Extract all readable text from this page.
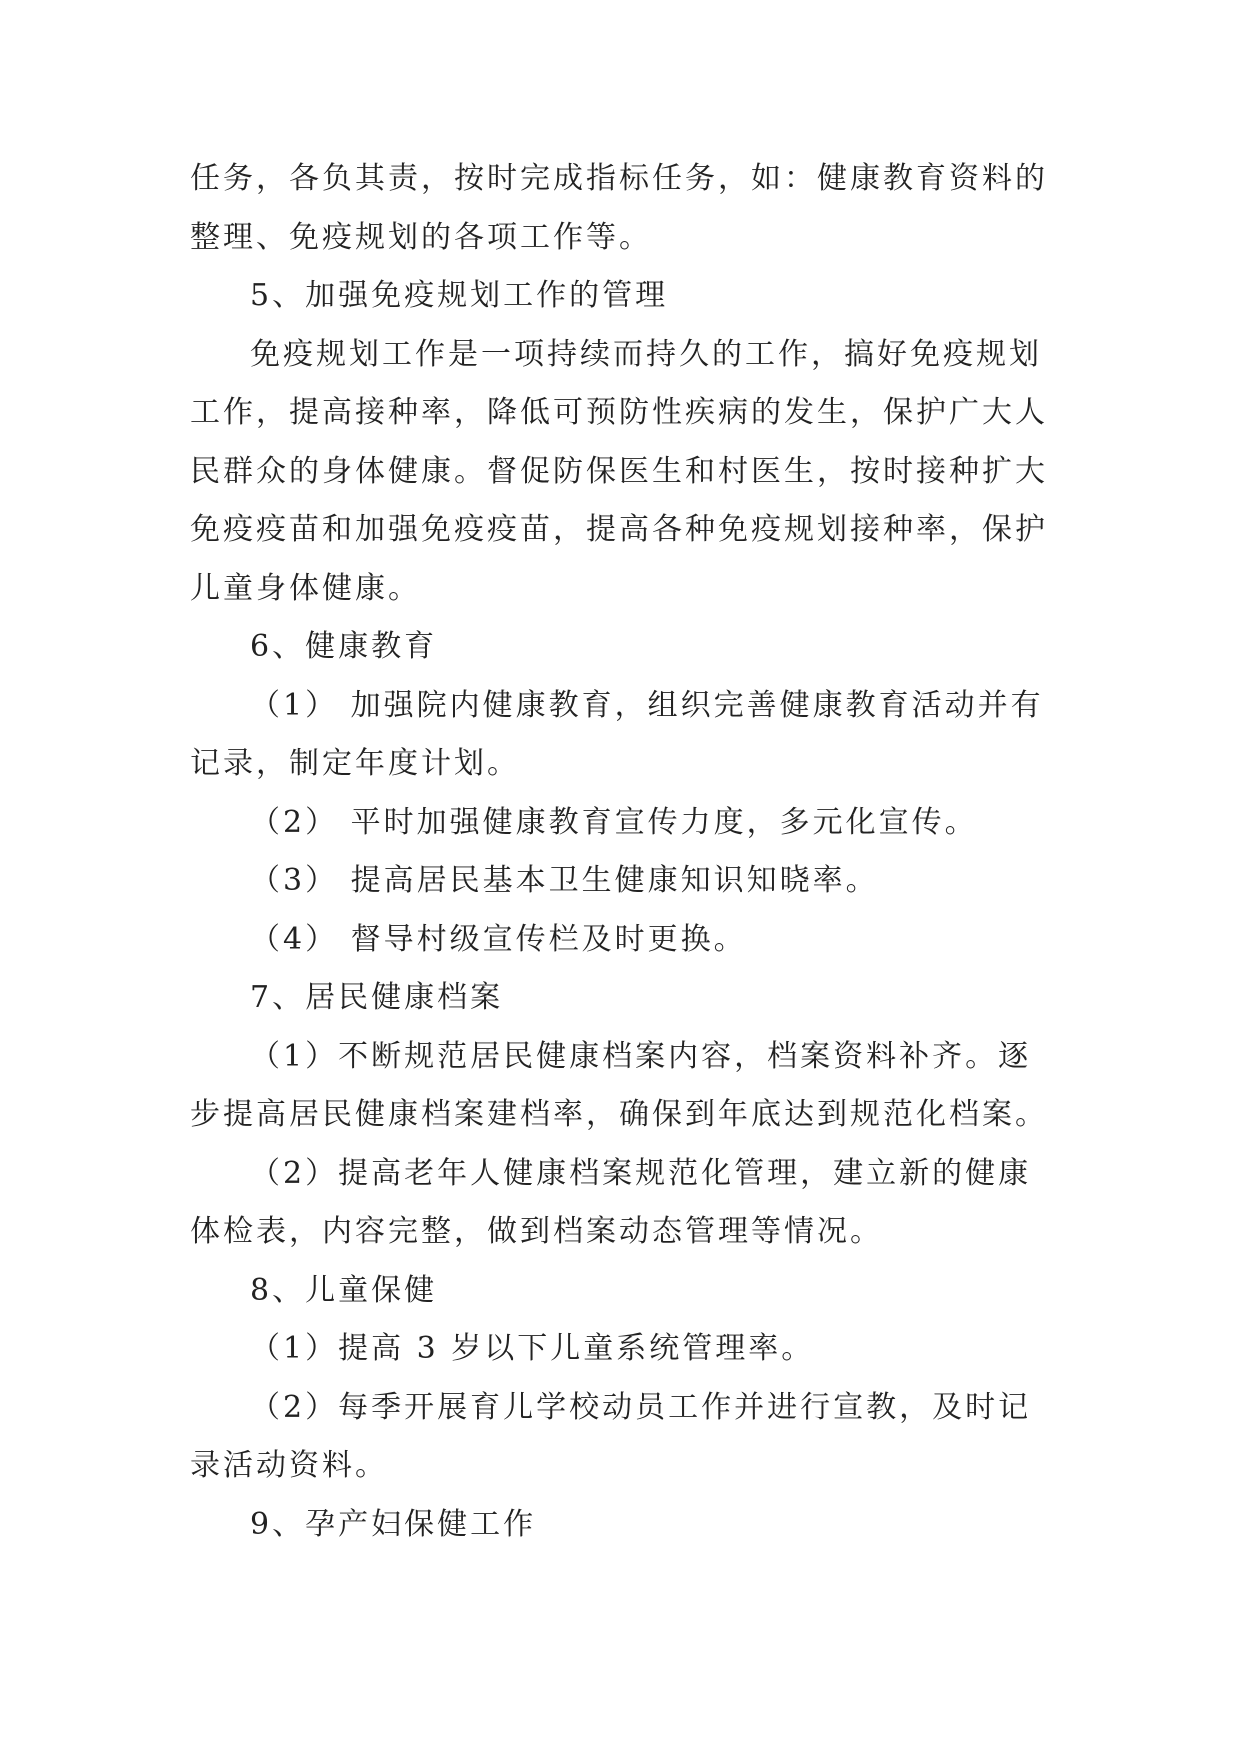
任务，各负其责，按时完成指标任务，如：健康教育资料的
整理、免疫规划的各项工作等。
5、加强免疫规划工作的管理
免疫规划工作是一项持续而持久的工作，搞好免疫规划
工作，提高接种率，降低可预防性疾病的发生，保护广大人
民群众的身体健康。督促防保医生和村医生，按时接种扩大
免疫疫苗和加强免疫疫苗，提高各种免疫规划接种率，保护
儿童身体健康。
6、健康教育
（1） 加强院内健康教育，组织完善健康教育活动并有
记录，制定年度计划。
（2） 平时加强健康教育宣传力度，多元化宣传。
（3） 提高居民基本卫生健康知识知晓率。
（4） 督导村级宣传栏及时更换。
7、居民健康档案
（1）不断规范居民健康档案内容，档案资料补齐。逐
步提高居民健康档案建档率，确保到年底达到规范化档案。
（2）提高老年人健康档案规范化管理，建立新的健康
体检表，内容完整，做到档案动态管理等情况。
8、儿童保健
（1）提高 3 岁以下儿童系统管理率。
（2）每季开展育儿学校动员工作并进行宣教，及时记
录活动资料。
9、孕产妇保健工作
